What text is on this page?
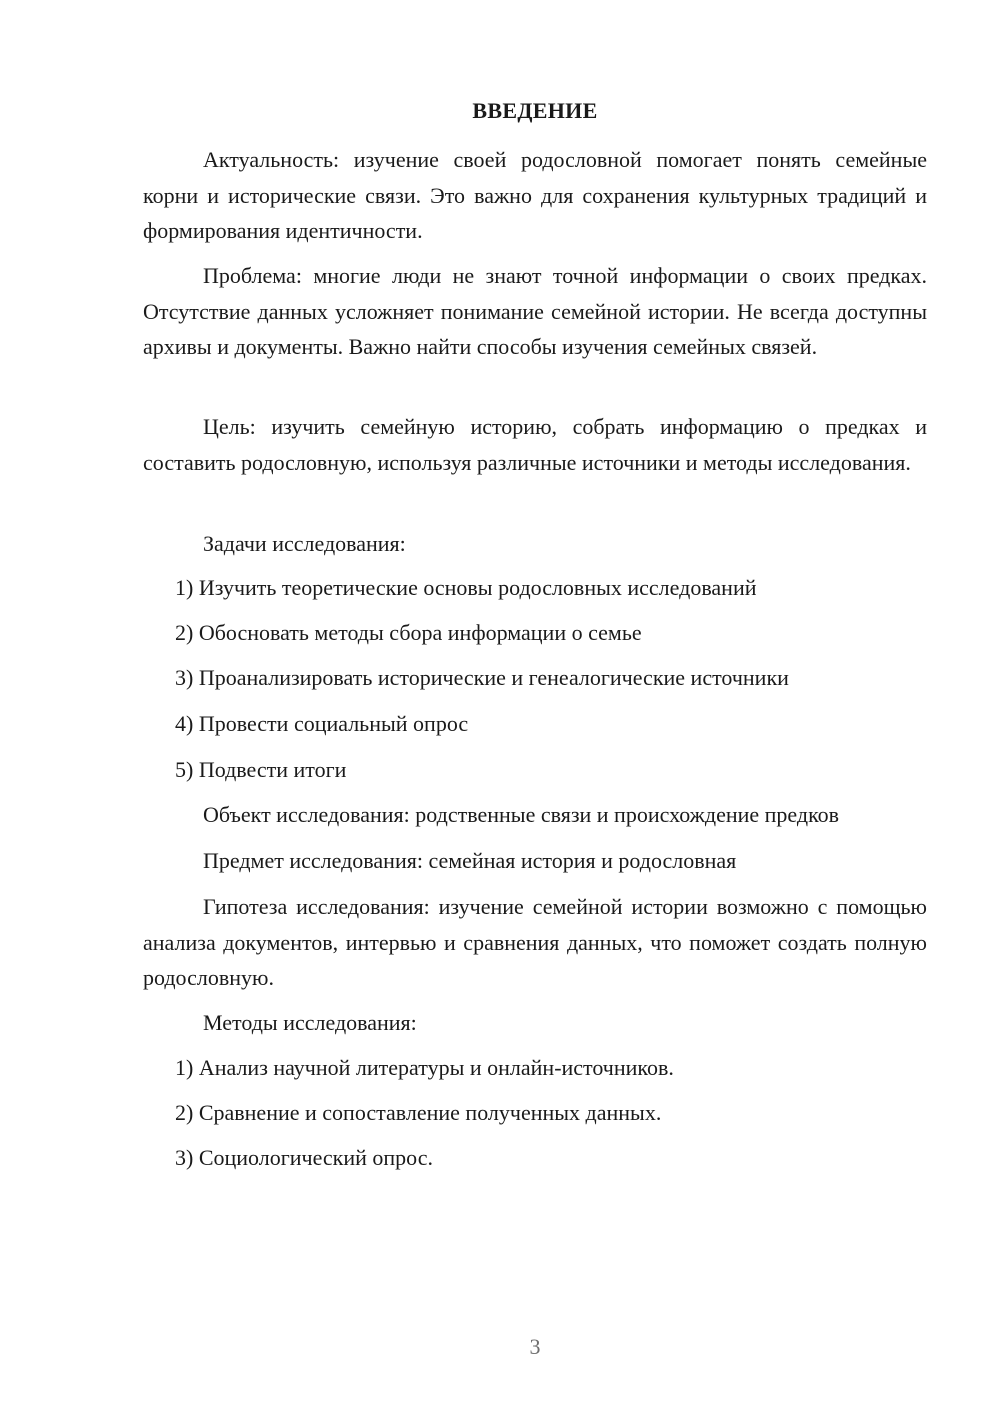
ВВЕДЕНИЕ

Актуальность: изучение своей родословной помогает понять семейные корни и исторические связи. Это важно для сохранения культурных традиций и формирования идентичности.

Проблема: многие люди не знают точной информации о своих предках. Отсутствие данных усложняет понимание семейной истории. Не всегда доступны архивы и документы. Важно найти способы изучения семейных связей.

Цель: изучить семейную историю, собрать информацию о предках и составить родословную, используя различные источники и методы исследования.

Задачи исследования:

1) Изучить теоретические основы родословных исследований

2) Обосновать методы сбора информации о семье

3) Проанализировать исторические и генеалогические источники

4) Провести социальный опрос

5) Подвести итоги

Объект исследования: родственные связи и происхождение предков

Предмет исследования: семейная история и родословная

Гипотеза исследования: изучение семейной истории возможно с помощью анализа документов, интервью и сравнения данных, что поможет создать полную родословную.

Методы исследования:

1) Анализ научной литературы и онлайн-источников.

2) Сравнение и сопоставление полученных данных.

3) Социологический опрос.

3
